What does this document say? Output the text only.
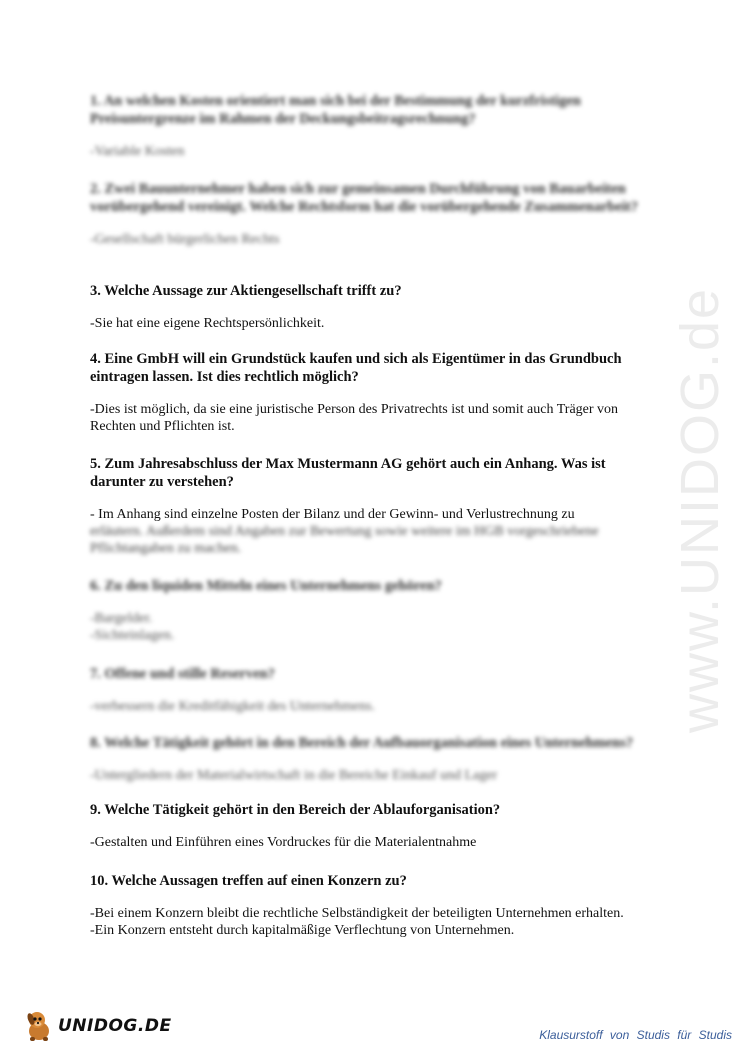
www.UNIDOG.de

1. An welchen Kosten orientiert man sich bei der Bestimmung der kurzfristigen Preisuntergrenze im Rahmen der Deckungsbeitragsrechnung?

-Variable Kosten

2. Zwei Bauunternehmer haben sich zur gemeinsamen Durchführung von Bauarbeiten vorübergehend vereinigt. Welche Rechtsform hat die vorübergehende Zusammenarbeit?

-Gesellschaft bürgerlichen Rechts

3. Welche Aussage zur Aktiengesellschaft trifft zu?

-Sie hat eine eigene Rechtspersönlichkeit.

4. Eine GmbH will ein Grundstück kaufen und sich als Eigentümer in das Grundbuch eintragen lassen. Ist dies rechtlich möglich?

-Dies ist möglich, da sie eine juristische Person des Privatrechts ist und somit auch Träger von Rechten und Pflichten ist.

5. Zum Jahresabschluss der Max Mustermann AG gehört auch ein Anhang. Was ist darunter zu verstehen?

- Im Anhang sind einzelne Posten der Bilanz und der Gewinn- und Verlustrechnung zu

erläutern. Außerdem sind Angaben zur Bewertung sowie weitere im HGB vorgeschriebene Pflichtangaben zu machen.

6. Zu den liquiden Mitteln eines Unternehmens gehören?

-Bargelder.

-Sichteinlagen.

7. Offene und stille Reserven?

-verbessern die Kreditfähigkeit des Unternehmens.

8. Welche Tätigkeit gehört in den Bereich der Aufbauorganisation eines Unternehmens?

-Untergliedern der Materialwirtschaft in die Bereiche Einkauf und Lager

9. Welche Tätigkeit gehört in den Bereich der Ablauforganisation?

-Gestalten und Einführen eines Vordruckes für die Materialentnahme

10. Welche Aussagen treffen auf einen Konzern zu?

-Bei einem Konzern bleibt die rechtliche Selbständigkeit der beteiligten Unternehmen erhalten.

-Ein Konzern entsteht durch kapitalmäßige Verflechtung von Unternehmen.

UNIDOG.DE	Klausurstoff von Studis für Studis
